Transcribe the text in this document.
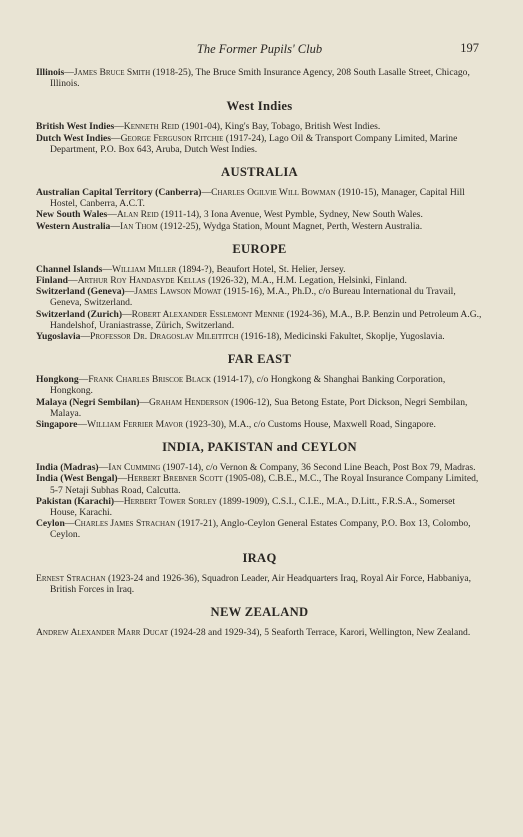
The Former Pupils' Club	197
Illinois—James Bruce Smith (1918-25), The Bruce Smith Insurance Agency, 208 South Lasalle Street, Chicago, Illinois.
West Indies
British West Indies—Kenneth Reid (1901-04), King's Bay, Tobago, British West Indies.
Dutch West Indies—George Ferguson Ritchie (1917-24), Lago Oil & Transport Company Limited, Marine Department, P.O. Box 643, Aruba, Dutch West Indies.
AUSTRALIA
Australian Capital Territory (Canberra)—Charles Ogilvie Will Bowman (1910-15), Manager, Capital Hill Hostel, Canberra, A.C.T.
New South Wales—Alan Reid (1911-14), 3 Iona Avenue, West Pymble, Sydney, New South Wales.
Western Australia—Ian Thom (1912-25), Wydga Station, Mount Magnet, Perth, Western Australia.
EUROPE
Channel Islands—William Miller (1894-?), Beaufort Hotel, St. Helier, Jersey.
Finland—Arthur Roy Handasyde Kellas (1926-32), M.A., H.M. Legation, Helsinki, Finland.
Switzerland (Geneva)—James Lawson Mowat (1915-16), M.A., Ph.D., c/o Bureau International du Travail, Geneva, Switzerland.
Switzerland (Zurich)—Robert Alexander Esslemont Mennie (1924-36), M.A., B.P. Benzin und Petroleum A.G., Handelshof, Uraniastrasse, Zürich, Switzerland.
Yugoslavia—Professor Dr. Dragoslav Mileititch (1916-18), Medicinski Fakultet, Skoplje, Yugoslavia.
FAR EAST
Hongkong—Frank Charles Briscoe Black (1914-17), c/o Hongkong & Shanghai Banking Corporation, Hongkong.
Malaya (Negri Sembilan)—Graham Henderson (1906-12), Sua Betong Estate, Port Dickson, Negri Sembilan, Malaya.
Singapore—William Ferrier Mavor (1923-30), M.A., c/o Customs House, Maxwell Road, Singapore.
INDIA, PAKISTAN and CEYLON
India (Madras)—Ian Cumming (1907-14), c/o Vernon & Company, 36 Second Line Beach, Post Box 79, Madras.
India (West Bengal)—Herbert Brebner Scott (1905-08), C.B.E., M.C., The Royal Insurance Company Limited, 5-7 Netaji Subhas Road, Calcutta.
Pakistan (Karachi)—Herbert Tower Sorley (1899-1909), C.S.I., C.I.E., M.A., D.Litt., F.R.S.A., Somerset House, Karachi.
Ceylon—Charles James Strachan (1917-21), Anglo-Ceylon General Estates Company, P.O. Box 13, Colombo, Ceylon.
IRAQ
Ernest Strachan (1923-24 and 1926-36), Squadron Leader, Air Headquarters Iraq, Royal Air Force, Habbaniya, British Forces in Iraq.
NEW ZEALAND
Andrew Alexander Marr Ducat (1924-28 and 1929-34), 5 Seaforth Terrace, Karori, Wellington, New Zealand.
